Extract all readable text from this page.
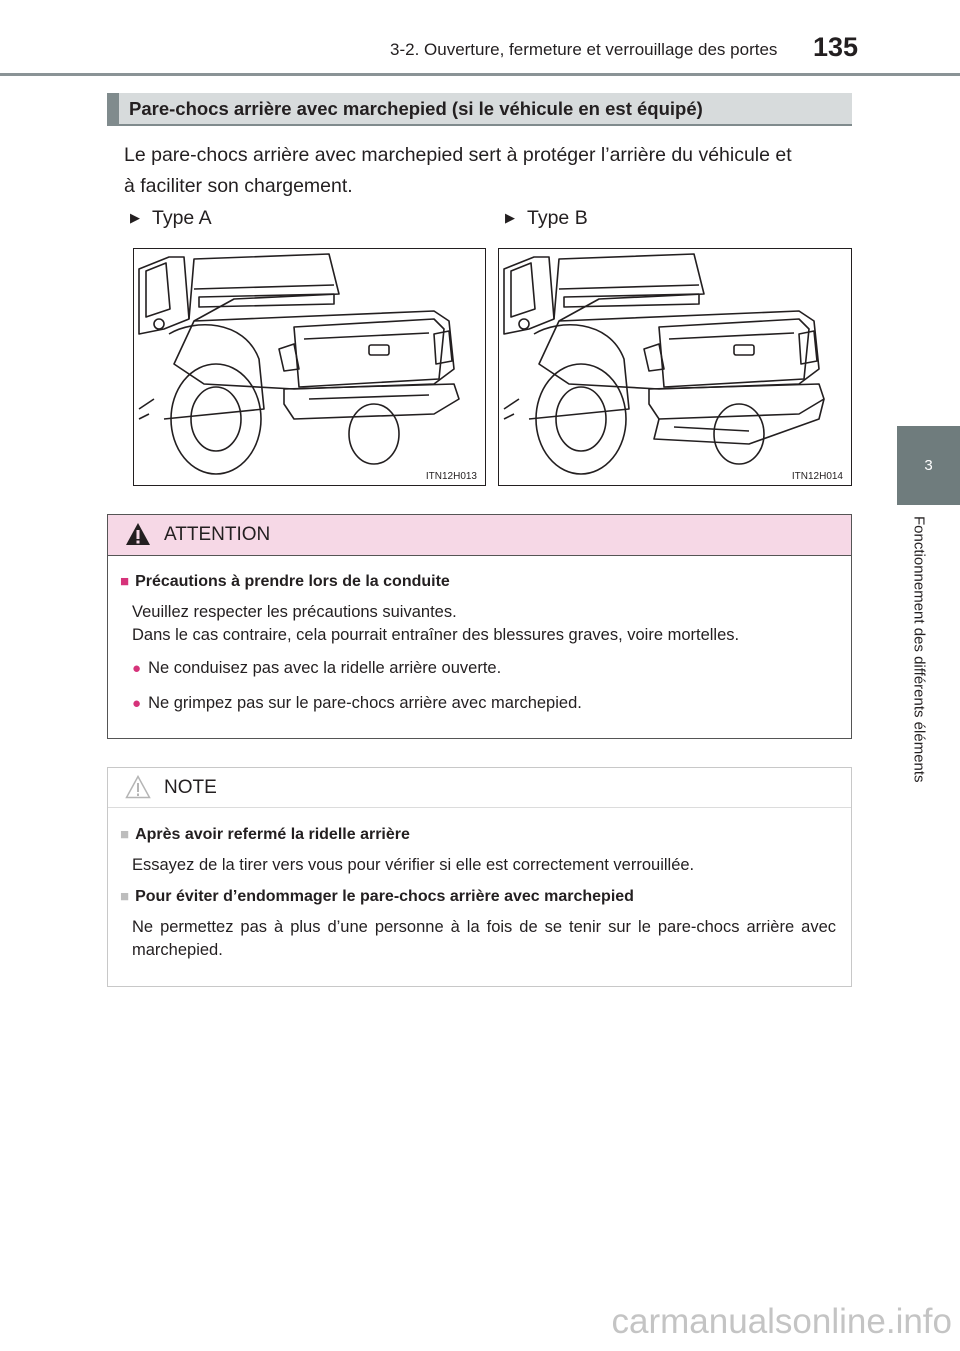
3-2. Ouverture, fermeture et verrouillage des portes 135
3
Fonctionnement des différents éléments
Pare-chocs arrière avec marchepied (si le véhicule en est équipé)
Le pare-chocs arrière avec marchepied sert à protéger l’arrière du véhicule et
à faciliter son chargement.
▶ Type A	▶ Type B
ITN12H013	ITN12H014
ATTENTION
■ Précautions à prendre lors de la conduite
Veuillez respecter les précautions suivantes.
Dans le cas contraire, cela pourrait entraîner des blessures graves, voire mortelles.
● Ne conduisez pas avec la ridelle arrière ouverte.
● Ne grimpez pas sur le pare-chocs arrière avec marchepied.
NOTE
■ Après avoir refermé la ridelle arrière
Essayez de la tirer vers vous pour vérifier si elle est correctement verrouillée.
■ Pour éviter d’endommager le pare-chocs arrière avec marchepied
Ne permettez pas à plus d’une personne à la fois de se tenir sur le pare-chocs arrière avec marchepied.
carmanualsonline.info
